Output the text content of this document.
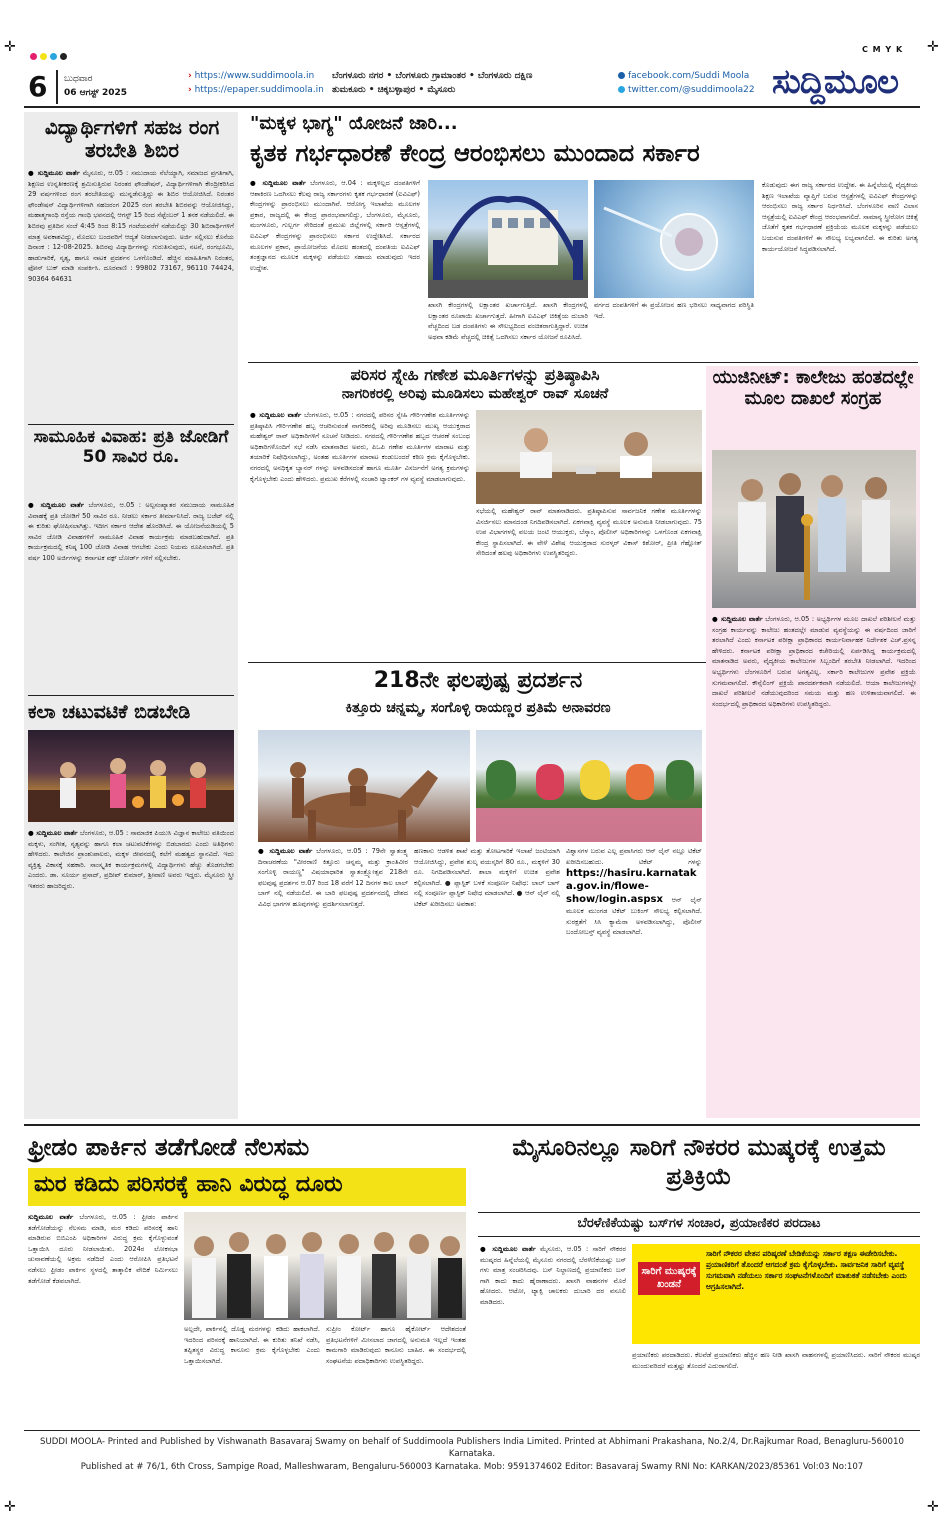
✛	✛
✛	✛
C M Y K
6	ಬುಧವಾರ
06 ಆಗಸ್ಟ್ 2025
› https://www.suddimoola.in
› https://epaper.suddimoola.in
ಬೆಂಗಳೂರು ನಗರ • ಬೆಂಗಳೂರು ಗ್ರಾಮಾಂತರ • ಬೆಂಗಳೂರು ದಕ್ಷಿಣ
ತುಮಕೂರು • ಚಿಕ್ಕಬಳ್ಳಾಪುರ • ಮೈಸೂರು
facebook.com/Suddi Moola
twitter.com/@suddimoola22 ಸುದ್ದಿಮೂಲ
ವಿದ್ಯಾರ್ಥಿಗಳಿಗೆ ಸಹಜ ರಂಗ ತರಬೇತಿ ಶಿಬಿರ
● ಸುದ್ದಿಮೂಲ ವಾರ್ತೆ ಮೈಸೂರು, ಆ.05 : ಸಮುದಾಯ ನೆಲೆಯ್ಯಾಗಿ, ಸಮಾಜದ ಪ್ರಗತಿಗಾಗಿ, ಶಿಕ್ಷಣದ ಉನ್ನತೀಕರಣಕ್ಕೆ ಶ್ರಮಿಸುತ್ತಿರುವ ನಿರಂತರ ಫೌಂಡೇಷನ್, ವಿದ್ಯಾರ್ಥಿಗಳಿಗಾಗಿ ಕೇಂದ್ರೀಕರಿಸಿದ 29 ವರ್ಷಗಳಿಂದ ರಂಗ ತರಬೇತಿಯನ್ನು ಮುನ್ನಡೆಸುತ್ತಿದ್ದು ಈ ಶಿಬಿರ ಆಯೋಜಿಸಿದೆ. ನಿರಂತರ ಫೌಂಡೇಷನ್ ವಿದ್ಯಾರ್ಥಿಗಳಿಗಾಗಿ ಸಹಜರಂಗ 2025 ರಂಗ ತರಬೇತಿ ಶಿಬಿರವನ್ನು ಆಯೋಜಿಸಿದ್ದು, ಮಹಾತ್ಮಗಾಂಧಿ ರಸ್ತೆಯ ಗಾಂಧಿ ಭವನದಲ್ಲಿ ಆಗಸ್ಟ್ 15 ರಿಂದ ಸೆಪ್ಟೆಂಬರ್ 1 ತನಕ ನಡೆಯಲಿದೆ. ಈ ಶಿಬಿರವು ಪ್ರತಿದಿನ ಸಂಜೆ 4:45 ರಿಂದ 8:15 ಗಂಟೆಯವರೆಗೆ ನಡೆಯಲಿದ್ದು 30 ಶಿಬಿರಾರ್ಥಿಗಳಿಗೆ ಮಾತ್ರ ಅವಕಾಶವಿದ್ದು, ಮೊದಲು ಬಂದವರಿಗೆ ಆದ್ಯತೆ ನೀಡಲಾಗುವುದು. ಅರ್ಜಿ ಸಲ್ಲಿಸಲು ಕೊನೆಯ ದಿನಾಂಕ : 12-08-2025. ಶಿಬಿರವು ವಿದ್ಯಾರ್ಥಿಗಳನ್ನು ಗುರುತಿಸುವುದು, ನಟನೆ, ರಂಗಭೂಮಿ, ಹಾಡುಗಾರಿಕೆ, ನೃತ್ಯ, ಹಾಗೂ ನಾಟಕ ಪ್ರದರ್ಶನ ಒಳಗೊಂಡಿದೆ. ಹೆಚ್ಚಿನ ಮಾಹಿತಿಗಾಗಿ ನಿರಂತರ, ಫೋನ್ ಬುಕ್ ಮಾಡಿ ಸಂಪರ್ಕಿಸಿ. ದೂರವಾಣಿ : 99802 73167, 96110 74424, 90364 64631
ಸಾಮೂಹಿಕ ವಿವಾಹ: ಪ್ರತಿ ಜೋಡಿಗೆ 50 ಸಾವಿರ ರೂ.
● ಸುದ್ದಿಮೂಲ ವಾರ್ತೆ ಬೆಂಗಳೂರು, ಆ.05 : ಅಲ್ಪಸಂಖ್ಯಾತರ ಸಮುದಾಯ ಸಾಮೂಹಿಕ ವಿವಾಹಕ್ಕೆ ಪ್ರತಿ ಜೋಡಿಗೆ 50 ಸಾವಿರ ರೂ. ನೀಡಲು ಸರ್ಕಾರ ತೀರ್ಮಾನಿಸಿದೆ. ರಾಜ್ಯ ಬಜೆಟ್ ನಲ್ಲಿ ಈ ಕುರಿತು ಘೋಷಿಸಲಾಗಿತ್ತು. ಇದೀಗ ಸರ್ಕಾರ ಆದೇಶ ಹೊರಡಿಸಿದೆ. ಈ ಯೋಜನೆಯಡಿಯಲ್ಲಿ 5 ಸಾವಿರ ಜೋಡಿ ವಿವಾಹಗಳಿಗೆ ಸಾಮೂಹಿಕ ವಿವಾಹ ಕಾರ್ಯಕ್ರಮ ಮಾಡಬಹುದಾಗಿದೆ. ಪ್ರತಿ ಕಾರ್ಯಕ್ರಮದಲ್ಲಿ ಕನಿಷ್ಠ 100 ಜೋಡಿ ವಿವಾಹ ಆಗಬೇಕು ಎಂದು ನಿಯಮ ರೂಪಿಸಲಾಗಿದೆ. ಪ್ರತಿ ವರ್ಷ 100 ಅರ್ಜಿಗಳನ್ನು ಕರ್ನಾಟಕ ವಕ್ಫ್ ಬೋರ್ಡ್ ಗಳಿಗೆ ಸಲ್ಲಿಸಬೇಕು.
ಕಲಾ ಚಟುವಟಿಕೆ ಬಿಡಬೇಡಿ
● ಸುದ್ದಿಮೂಲ ವಾರ್ತೆ ಬೆಂಗಳೂರು, ಆ.05 : ಸಾಮಾಜಿಕ ಪಿಯುಸಿ ವಿಜ್ಞಾನ ಕಾಲೇಜು ವತಿಯಿಂದ ಮಕ್ಕಳು, ಸಂಗೀತ, ನೃತ್ಯವನ್ನು ಹಾಗೂ ಕಲಾ ಚಟುವಟಿಕೆಗಳನ್ನು ಬಿಡಬಾರದು ಎಂದು ಅತಿಥಿಗಳು ಹೇಳಿದರು. ಕಾಲೇಜಿನ ಪ್ರಾಂಶುಪಾಲರು, ಮಕ್ಕಳ ಜೀವನದಲ್ಲಿ ಕಲೆಗೆ ಮಹತ್ವದ ಸ್ಥಾನವಿದೆ. ಇದು ವ್ಯಕ್ತಿತ್ವ ವಿಕಾಸಕ್ಕೆ ಸಹಕಾರಿ. ಸಾಂಸ್ಕೃತಿಕ ಕಾರ್ಯಕ್ರಮಗಳಲ್ಲಿ ವಿದ್ಯಾರ್ಥಿಗಳು ಹೆಚ್ಚು ತೊಡಗಬೇಕು ಎಂದರು. ಡಾ. ಸೂರ್ಯ ಪ್ರಸಾದ್, ಪ್ರದೀಪ್ ಕುಮಾರ್, ಶ್ರೀವಾಣಿ ಅವರು ಇದ್ದರು. ಮೈಸೂರು ಸ್ತ್ರೀ ಇತರರು ಹಾಜರಿದ್ದರು.
"ಮಕ್ಕಳ ಭಾಗ್ಯ" ಯೋಜನೆ ಜಾರಿ...
ಕೃತಕ ಗರ್ಭಧಾರಣೆ ಕೇಂದ್ರ ಆರಂಭಿಸಲು ಮುಂದಾದ ಸರ್ಕಾರ
● ಸುದ್ದಿಮೂಲ ವಾರ್ತೆ ಬೆಂಗಳೂರು, ಆ.04 : ಮಕ್ಕಳಿಲ್ಲದ ದಂಪತಿಗಳಿಗೆ ಆಶಾಕಿರಣ ಒದಗಿಸಲು ಕೆಲವು ರಾಜ್ಯ ಸರ್ಕಾರಗಳು ಕೃತಕ ಗರ್ಭಧಾರಣೆ (ಐವಿಎಫ್) ಕೇಂದ್ರಗಳನ್ನು ಪ್ರಾರಂಭಿಸಲು ಮುಂದಾಗಿವೆ. ಆರೋಗ್ಯ ಇಲಾಖೆಯ ಮೂಲಗಳ ಪ್ರಕಾರ, ರಾಜ್ಯದಲ್ಲಿ ಈ ಕೇಂದ್ರ ಪ್ರಾರಂಭವಾಗಲಿದ್ದು, ಬೆಂಗಳೂರು, ಮೈಸೂರು, ಮಂಗಳೂರು, ಗುಲ್ಬರ್ಗ ಸೇರಿದಂತೆ ಪ್ರಮುಖ ಜಿಲ್ಲೆಗಳಲ್ಲಿ ಸರ್ಕಾರಿ ಆಸ್ಪತ್ರೆಗಳಲ್ಲಿ ಐವಿಎಫ್ ಕೇಂದ್ರಗಳನ್ನು ಪ್ರಾರಂಭಿಸಲು ಸರ್ಕಾರ ಉದ್ದೇಶಿಸಿದೆ. ಸರ್ಕಾರದ ಮೂಲಗಳ ಪ್ರಕಾರ, ಪ್ರಾಯೋಜನೆಯ ಮೊದಲ ಹಂತದಲ್ಲಿ ದಂಪತಿಯ ಐವಿಎಫ್ ತಂತ್ರಜ್ಞಾನದ ಮೂಲಕ ಮಕ್ಕಳನ್ನು ಪಡೆಯಲು ಸಹಾಯ ಮಾಡುವುದು ಇದರ ಉದ್ದೇಶ.
ಖಾಸಗಿ ಕೇಂದ್ರಗಳಲ್ಲಿ ಲಕ್ಷಾಂತರ ಖರ್ಚಾಗುತ್ತಿದೆ. ಖಾಸಗಿ ಕೇಂದ್ರಗಳಲ್ಲಿ ಲಕ್ಷಾಂತರ ರೂಪಾಯಿ ಖರ್ಚಾಗುತ್ತದೆ. ಹೀಗಾಗಿ ಐವಿಎಫ್ ಚಿಕಿತ್ಸೆಯ ದುಬಾರಿ ವೆಚ್ಚದಿಂದ ಬಡ ದಂಪತಿಗಳು ಈ ಸೌಲಭ್ಯದಿಂದ ವಂಚಿತರಾಗುತ್ತಿದ್ದಾರೆ. ಉಚಿತ ಅಥವಾ ಕಡಿಮೆ ವೆಚ್ಚದಲ್ಲಿ ಚಿಕಿತ್ಸೆ ಒದಗಿಸಲು ಸರ್ಕಾರ ಯೋಜನೆ ರೂಪಿಸಿದೆ.
ವರ್ಗದ ದಂಪತಿಗಳಿಗೆ ಈ ಪ್ರಯೋಜನ ಹಣ ಭರಿಸಲು ಸಾಧ್ಯವಾಗದ ಪರಿಸ್ಥಿತಿ ಇದೆ.
ಕೊಡುವುದು ಈಗ ರಾಜ್ಯ ಸರ್ಕಾರದ ಉದ್ದೇಶ. ಈ ಹಿನ್ನೆಲೆಯಲ್ಲಿ ವೈದ್ಯಕೀಯ ಶಿಕ್ಷಣ ಇಲಾಖೆಯ ವ್ಯಾಪ್ತಿಗೆ ಬರುವ ಆಸ್ಪತ್ರೆಗಳಲ್ಲಿ ಐವಿಎಫ್ ಕೇಂದ್ರಗಳನ್ನು ಆರಂಭಿಸಲು ರಾಜ್ಯ ಸರ್ಕಾರ ನಿರ್ಧರಿಸಿದೆ. ಬೆಂಗಳೂರಿನ ವಾಣಿ ವಿಲಾಸ ಆಸ್ಪತ್ರೆಯಲ್ಲಿ ಐವಿಎಫ್ ಕೇಂದ್ರ ಆರಂಭವಾಗಲಿದೆ. ಸಾಮಾನ್ಯ ಸ್ತ್ರೀರೋಗ ಚಿಕಿತ್ಸೆ ಜೊತೆಗೆ ಕೃತಕ ಗರ್ಭಧಾರಣೆ ಪ್ರಕ್ರಿಯೆಯ ಮೂಲಕ ಮಕ್ಕಳನ್ನು ಪಡೆಯಲು ಬಯಸುವ ದಂಪತಿಗಳಿಗೆ ಈ ಸೌಲಭ್ಯ ಲಭ್ಯವಾಗಲಿದೆ. ಈ ಕುರಿತು ಅಗತ್ಯ ಕಾರ್ಯಯೋಜನೆ ಸಿದ್ಧಪಡಿಸಲಾಗಿದೆ.
ಪರಿಸರ ಸ್ನೇಹಿ ಗಣೇಶ ಮೂರ್ತಿಗಳನ್ನು ಪ್ರತಿಷ್ಠಾಪಿಸಿ
ನಾಗರಿಕರಲ್ಲಿ ಅರಿವು ಮೂಡಿಸಲು ಮಹೇಶ್ವರ್ ರಾವ್ ಸೂಚನೆ
● ಸುದ್ದಿಮೂಲ ವಾರ್ತೆ ಬೆಂಗಳೂರು, ಆ.05 : ನಗರದಲ್ಲಿ ಪರಿಸರ ಸ್ನೇಹಿ ಗೌರಿ-ಗಣೇಶ ಮೂರ್ತಿಗಳನ್ನು ಪ್ರತಿಷ್ಠಾಪಿಸಿ ಗೌರಿ-ಗಣೇಶ ಹಬ್ಬ ಆಚರಿಸುವಂತೆ ನಾಗರಿಕರಲ್ಲಿ ಅರಿವು ಮೂಡಿಸಲು ಮುಖ್ಯ ಆಯುಕ್ತರಾದ ಮಹೇಶ್ವರ್ ರಾವ್ ಅಧಿಕಾರಿಗಳಿಗೆ ಸೂಚನೆ ನೀಡಿದರು. ನಗರದಲ್ಲಿ ಗೌರಿ-ಗಣೇಶ ಹಬ್ಬದ ಆಚರಣೆ ಸಂಬಂಧ ಅಧಿಕಾರಿಗಳೊಂದಿಗೆ ಸಭೆ ನಡೆಸಿ ಮಾತನಾಡಿದ ಅವರು, ಪಿಒಪಿ ಗಣೇಶ ಮೂರ್ತಿಗಳ ಮಾರಾಟ ಮತ್ತು ತಯಾರಿಕೆ ನಿಷೇಧಿಸಲಾಗಿದ್ದು, ಅಂತಹ ಮೂರ್ತಿಗಳ ಮಾರಾಟ ಕಂಡುಬಂದರೆ ಕಠಿಣ ಕ್ರಮ ಕೈಗೊಳ್ಳಬೇಕು. ನಗರದಲ್ಲಿ ಅನಧಿಕೃತ ಬ್ಯಾನರ್ ಗಳನ್ನು ಅಳವಡಿಸದಂತೆ ಹಾಗೂ ಮೂರ್ತಿ ವಿಸರ್ಜನೆಗೆ ಅಗತ್ಯ ಕ್ರಮಗಳನ್ನು ಕೈಗೊಳ್ಳಬೇಕು ಎಂದು ಹೇಳಿದರು. ಪ್ರಮುಖ ಕೆರೆಗಳಲ್ಲಿ ಸಂಚಾರಿ ಟ್ಯಾಂಕರ್ ಗಳ ವ್ಯವಸ್ಥೆ ಮಾಡಲಾಗುವುದು.
ಸಭೆಯಲ್ಲಿ ಮಹೇಶ್ವರ್ ರಾವ್ ಮಾತನಾಡಿದರು. ಪ್ರತಿಷ್ಠಾಪಿಸುವ ಸಾರ್ವಜನಿಕ ಗಣೇಶ ಮೂರ್ತಿಗಳನ್ನು ವಿಸರ್ಜಿಸಲು ಮಾನದಂಡ ನಿಗದಿಪಡಿಸಲಾಗಿದೆ. ಏಕಗವಾಕ್ಷಿ ವ್ಯವಸ್ಥೆ ಮೂಲಕ ಅನುಮತಿ ನೀಡಲಾಗುವುದು. 75 ಉಪ ವಿಭಾಗಗಳಲ್ಲಿ ವಲಯ ಜಂಟಿ ಆಯುಕ್ತರು, ಬೆಸ್ಕಾಂ, ಪೊಲೀಸ್ ಅಧಿಕಾರಿಗಳನ್ನು ಒಳಗೊಂಡ ಏಕಗವಾಕ್ಷಿ ಕೇಂದ್ರ ಸ್ಥಾಪಿಸಲಾಗಿದೆ. ಈ ವೇಳೆ ವಿಶೇಷ ಆಯುಕ್ತರಾದ ಸುರಳ್ಕರ್ ವಿಕಾಸ್ ಕಿಶೋರ್, ಪ್ರೀತಿ ಗೆಹ್ಲೋತ್ ಸೇರಿದಂತೆ ಹಲವು ಅಧಿಕಾರಿಗಳು ಉಪಸ್ಥಿತರಿದ್ದರು.
ಯುಜಿನೀಟ್: ಕಾಲೇಜು ಹಂತದಲ್ಲೇ ಮೂಲ ದಾಖಲೆ ಸಂಗ್ರಹ
● ಸುದ್ದಿಮೂಲ ವಾರ್ತೆ ಬೆಂಗಳೂರು, ಆ.05 : ಅಭ್ಯರ್ಥಿಗಳ ಮೂಲ ದಾಖಲೆ ಪರಿಶೀಲನೆ ಮತ್ತು ಸಂಗ್ರಹ ಕಾರ್ಯವನ್ನು ಕಾಲೇಜು ಹಂತದಲ್ಲೇ ಮಾಡುವ ವ್ಯವಸ್ಥೆಯನ್ನು ಈ ವರ್ಷದಿಂದ ಜಾರಿಗೆ ತರಲಾಗಿದೆ ಎಂದು ಕರ್ನಾಟಕ ಪರೀಕ್ಷಾ ಪ್ರಾಧಿಕಾರದ ಕಾರ್ಯನಿರ್ವಾಹಕ ನಿರ್ದೇಶಕ ಎಚ್.ಪ್ರಸನ್ನ ಹೇಳಿದರು. ಕರ್ನಾಟಕ ಪರೀಕ್ಷಾ ಪ್ರಾಧಿಕಾರದ ಕಚೇರಿಯಲ್ಲಿ ಏರ್ಪಡಿಸಿದ್ದ ಕಾರ್ಯಕ್ರಮದಲ್ಲಿ ಮಾತನಾಡಿದ ಅವರು, ವೈದ್ಯಕೀಯ ಕಾಲೇಜುಗಳ ಸಿಬ್ಬಂದಿಗೆ ತರಬೇತಿ ನೀಡಲಾಗಿದೆ. ಇದರಿಂದ ಅಭ್ಯರ್ಥಿಗಳು ಬೆಂಗಳೂರಿಗೆ ಬರುವ ಅಗತ್ಯವಿಲ್ಲ. ಸರ್ಕಾರಿ ಕಾಲೇಜುಗಳ ಪ್ರವೇಶ ಪ್ರಕ್ರಿಯೆ ಸುಗಮವಾಗಲಿದೆ. ಕೌನ್ಸೆಲಿಂಗ್ ಪ್ರಕ್ರಿಯೆ ಪಾರದರ್ಶಕವಾಗಿ ನಡೆಯಲಿದೆ. ಆಯಾ ಕಾಲೇಜುಗಳಲ್ಲೇ ದಾಖಲೆ ಪರಿಶೀಲನೆ ನಡೆಯುವುದರಿಂದ ಸಮಯ ಮತ್ತು ಹಣ ಉಳಿತಾಯವಾಗಲಿದೆ. ಈ ಸಂದರ್ಭದಲ್ಲಿ ಪ್ರಾಧಿಕಾರದ ಅಧಿಕಾರಿಗಳು ಉಪಸ್ಥಿತರಿದ್ದರು.
218ನೇ ಫಲಪುಷ್ಪ ಪ್ರದರ್ಶನ
ಕಿತ್ತೂರು ಚನ್ನಮ್ಮ, ಸಂಗೊಳ್ಳಿ ರಾಯಣ್ಣರ ಪ್ರತಿಮೆ ಅನಾವರಣ
● ಸುದ್ದಿಮೂಲ ವಾರ್ತೆ ಬೆಂಗಳೂರು, ಆ.05 : 79ನೇ ಸ್ವಾತಂತ್ರ್ಯ ದಿನಾಚರಣೆಯ "ವೀರರಾಣಿ ಕಿತ್ತೂರು ಚನ್ನಮ್ಮ ಮತ್ತು ಕ್ರಾಂತಿವೀರ ಸಂಗೊಳ್ಳಿ ರಾಯಣ್ಣ" ವಿಷಯಾಧಾರಿತ ಸ್ವಾತಂತ್ರ್ಯೋತ್ಸವ 218ನೇ ಫಲಪುಷ್ಪ ಪ್ರದರ್ಶನ ಆ.07 ರಿಂದ 18 ವರೆಗೆ 12 ದಿನಗಳ ಕಾಲ ಲಾಲ್ ಬಾಗ್ ನಲ್ಲಿ ನಡೆಯಲಿದೆ. ಈ ಬಾರಿ ಫಲಪುಷ್ಪ ಪ್ರದರ್ಶನದಲ್ಲಿ ದೇಶದ ವಿವಿಧ ಭಾಗಗಳ ಹೂವುಗಳನ್ನು ಪ್ರದರ್ಶಿಸಲಾಗುತ್ತದೆ.
ಹಣಕಾಸು ಆಡಳಿತ ಶಾಖೆ ಮತ್ತು ತೋಟಗಾರಿಕೆ ಇಲಾಖೆ ಜಂಟಿಯಾಗಿ ಆಯೋಜಿಸಿದ್ದು, ಪ್ರವೇಶ ಶುಲ್ಕ ವಯಸ್ಕರಿಗೆ 80 ರೂ., ಮಕ್ಕಳಿಗೆ 30 ರೂ. ನಿಗದಿಪಡಿಸಲಾಗಿದೆ. ಶಾಲಾ ಮಕ್ಕಳಿಗೆ ಉಚಿತ ಪ್ರವೇಶ ಕಲ್ಪಿಸಲಾಗಿದೆ. ● ಪ್ಲಾಸ್ಟಿಕ್ ಬಳಕೆ ಸಂಪೂರ್ಣ ನಿಷೇಧ: ಲಾಲ್ ಬಾಗ್ ನಲ್ಲಿ ಸಂಪೂರ್ಣ ಪ್ಲಾಸ್ಟಿಕ್ ನಿಷೇಧ ಮಾಡಲಾಗಿದೆ. ● ಆನ್ ಲೈನ್ ನಲ್ಲಿ ಟಿಕೆಟ್ ಖರೀದಿಸಲು ಅವಕಾಶ:
ವಿಶ್ವಾಸಗಳ ಬರುವ ಎಲ್ಲ ಪ್ರವಾಸಿಗರು ಆನ್ ಲೈನ್ ನಲ್ಲೂ ಟಿಕೆಟ್ ಖರೀದಿಸಬಹುದು. ಟಿಕೆಟ್ ಗಳನ್ನು https://hasiru.karnataka.gov.in/flowe-show/login.aspsx ಆನ್ ಲೈನ್ ಮೂಲಕ ಮುಂಗಡ ಟಿಕೆಟ್ ಬುಕಿಂಗ್ ಸೌಲಭ್ಯ ಕಲ್ಪಿಸಲಾಗಿದೆ. ಸುರಕ್ಷತೆಗೆ ಸಿಸಿ ಕ್ಯಾಮೆರಾ ಅಳವಡಿಸಲಾಗಿದ್ದು, ಪೊಲೀಸ್ ಬಂದೋಬಸ್ತ್ ವ್ಯವಸ್ಥೆ ಮಾಡಲಾಗಿದೆ.
ಫ್ರೀಡಂ ಪಾರ್ಕಿನ ತಡೆಗೋಡೆ ನೆಲಸಮ
ಮರ ಕಡಿದು ಪರಿಸರಕ್ಕೆ ಹಾನಿ ವಿರುದ್ಧ ದೂರು
ಸುದ್ದಿಮೂಲ ವಾರ್ತೆ ಬೆಂಗಳೂರು, ಆ.05 : ಫ್ರೀಡಂ ಪಾರ್ಕಿನ ತಡೆಗೋಡೆಯನ್ನು ನೆಲಸಮ ಮಾಡಿ, ಮರ ಕಡಿದು ಪರಿಸರಕ್ಕೆ ಹಾನಿ ಮಾಡಿರುವ ಬಿಬಿಎಂಪಿ ಅಧಿಕಾರಿಗಳ ವಿರುದ್ಧ ಕ್ರಮ ಕೈಗೊಳ್ಳುವಂತೆ ಒತ್ತಾಯಿಸಿ ದೂರು ನೀಡಲಾಯಿತು. 2024ರ ಲೋಕಸಭಾ ಚುನಾವಣೆಯಲ್ಲಿ ಅಕ್ರಮ ನಡೆದಿದೆ ಎಂದು ಆರೋಪಿಸಿ ಪ್ರತಿಭಟನೆ ನಡೆಸಲು ಫ್ರೀಡಂ ಪಾರ್ಕಿನ ಸ್ಥಳದಲ್ಲಿ ತಾತ್ಕಾಲಿಕ ವೇದಿಕೆ ನಿರ್ಮಿಸಲು ತಡೆಗೋಡೆ ಕೆಡವಲಾಗಿದೆ.
ಅಲ್ಲದೇ, ಪಾರ್ಕಿನಲ್ಲಿ ದೊಡ್ಡ ಮರಗಳನ್ನು ಕಡಿದು ಹಾಕಲಾಗಿದೆ. ಇದರಿಂದ ಪರಿಸರಕ್ಕೆ ಹಾನಿಯಾಗಿದೆ. ಈ ಕುರಿತು ತನಿಖೆ ನಡೆಸಿ, ತಪ್ಪಿತಸ್ಥರ ವಿರುದ್ಧ ಕಾನೂನು ಕ್ರಮ ಕೈಗೊಳ್ಳಬೇಕು ಎಂದು ಒತ್ತಾಯಿಸಲಾಗಿದೆ.
ಸುಪ್ರೀಂ ಕೋರ್ಟ್ ಹಾಗೂ ಹೈಕೋರ್ಟ್ ಆದೇಶದಂತೆ ಪ್ರತಿಭಟನೆಗಳಿಗೆ ಮೀಸಲಾದ ಜಾಗದಲ್ಲಿ ಅನುಮತಿ ಇಲ್ಲದೆ ಇಂತಹ ಕಾಮಗಾರಿ ಮಾಡಿರುವುದು ಕಾನೂನು ಬಾಹಿರ. ಈ ಸಂದರ್ಭದಲ್ಲಿ ಸಂಘಟನೆಯ ಪದಾಧಿಕಾರಿಗಳು ಉಪಸ್ಥಿತರಿದ್ದರು.
ಮೈಸೂರಿನಲ್ಲೂ ಸಾರಿಗೆ ನೌಕರರ ಮುಷ್ಕರಕ್ಕೆ ಉತ್ತಮ ಪ್ರತಿಕ್ರಿಯೆ
ಬೆರಳೆಣಿಕೆಯಷ್ಟು ಬಸ್‌ಗಳ ಸಂಚಾರ, ಪ್ರಯಾಣಿಕರ ಪರದಾಟ
● ಸುದ್ದಿಮೂಲ ವಾರ್ತೆ ಮೈಸೂರು, ಆ.05 : ಸಾರಿಗೆ ನೌಕರರ ಮುಷ್ಕರದ ಹಿನ್ನೆಲೆಯಲ್ಲಿ ಮೈಸೂರು ನಗರದಲ್ಲಿ ಬೆರಳೆಣಿಕೆಯಷ್ಟು ಬಸ್ ಗಳು ಮಾತ್ರ ಸಂಚರಿಸಿದವು. ಬಸ್ ನಿಲ್ದಾಣದಲ್ಲಿ ಪ್ರಯಾಣಿಕರು ಬಸ್ ಗಾಗಿ ಕಾದು ಕಾದು ಹೈರಾಣಾದರು. ಖಾಸಗಿ ವಾಹನಗಳ ಮೊರೆ ಹೋದರು. ಆಟೋ, ಟ್ಯಾಕ್ಸಿ ಚಾಲಕರು ದುಬಾರಿ ದರ ವಸೂಲಿ ಮಾಡಿದರು.
ಸಾರಿಗೆ ಮುಷ್ಕರಕ್ಕೆ ಖಂಡನೆ
ಸಾರಿಗೆ ನೌಕರರ ವೇತನ ಪರಿಷ್ಕರಣೆ ಬೇಡಿಕೆಯನ್ನು ಸರ್ಕಾರ ತಕ್ಷಣ ಈಡೇರಿಸಬೇಕು. ಪ್ರಯಾಣಿಕರಿಗೆ ತೊಂದರೆ ಆಗದಂತೆ ಕ್ರಮ ಕೈಗೊಳ್ಳಬೇಕು. ಸಾರ್ವಜನಿಕ ಸಾರಿಗೆ ವ್ಯವಸ್ಥೆ ಸುಗಮವಾಗಿ ನಡೆಯಲು ಸರ್ಕಾರ ಸಂಘಟನೆಗಳೊಂದಿಗೆ ಮಾತುಕತೆ ನಡೆಸಬೇಕು ಎಂದು ಆಗ್ರಹಿಸಲಾಗಿದೆ.
ಪ್ರಯಾಣಿಕರು ಪರದಾಡಿದರು. ಕೆಲವೆಡೆ ಪ್ರಯಾಣಿಕರು ಹೆಚ್ಚಿನ ಹಣ ನೀಡಿ ಖಾಸಗಿ ವಾಹನಗಳಲ್ಲಿ ಪ್ರಯಾಣಿಸಿದರು. ಸಾರಿಗೆ ನೌಕರರ ಮುಷ್ಕರ ಮುಂದುವರಿದರೆ ಮತ್ತಷ್ಟು ತೊಂದರೆ ಎದುರಾಗಲಿದೆ.
SUDDI MOOLA- Printed and Published by Vishwanath Basavaraj Swamy on behalf of Suddimoola Publishers India Limited. Printed at Abhimani Prakashana, No.2/4, Dr.Rajkumar Road, Benagluru-560010 Karnataka.
Published at # 76/1, 6th Cross, Sampige Road, Malleshwaram, Bengaluru-560003 Karnataka. Mob: 9591374602 Editor: Basavaraj Swamy RNI No: KARKAN/2023/85361 Vol:03 No:107
